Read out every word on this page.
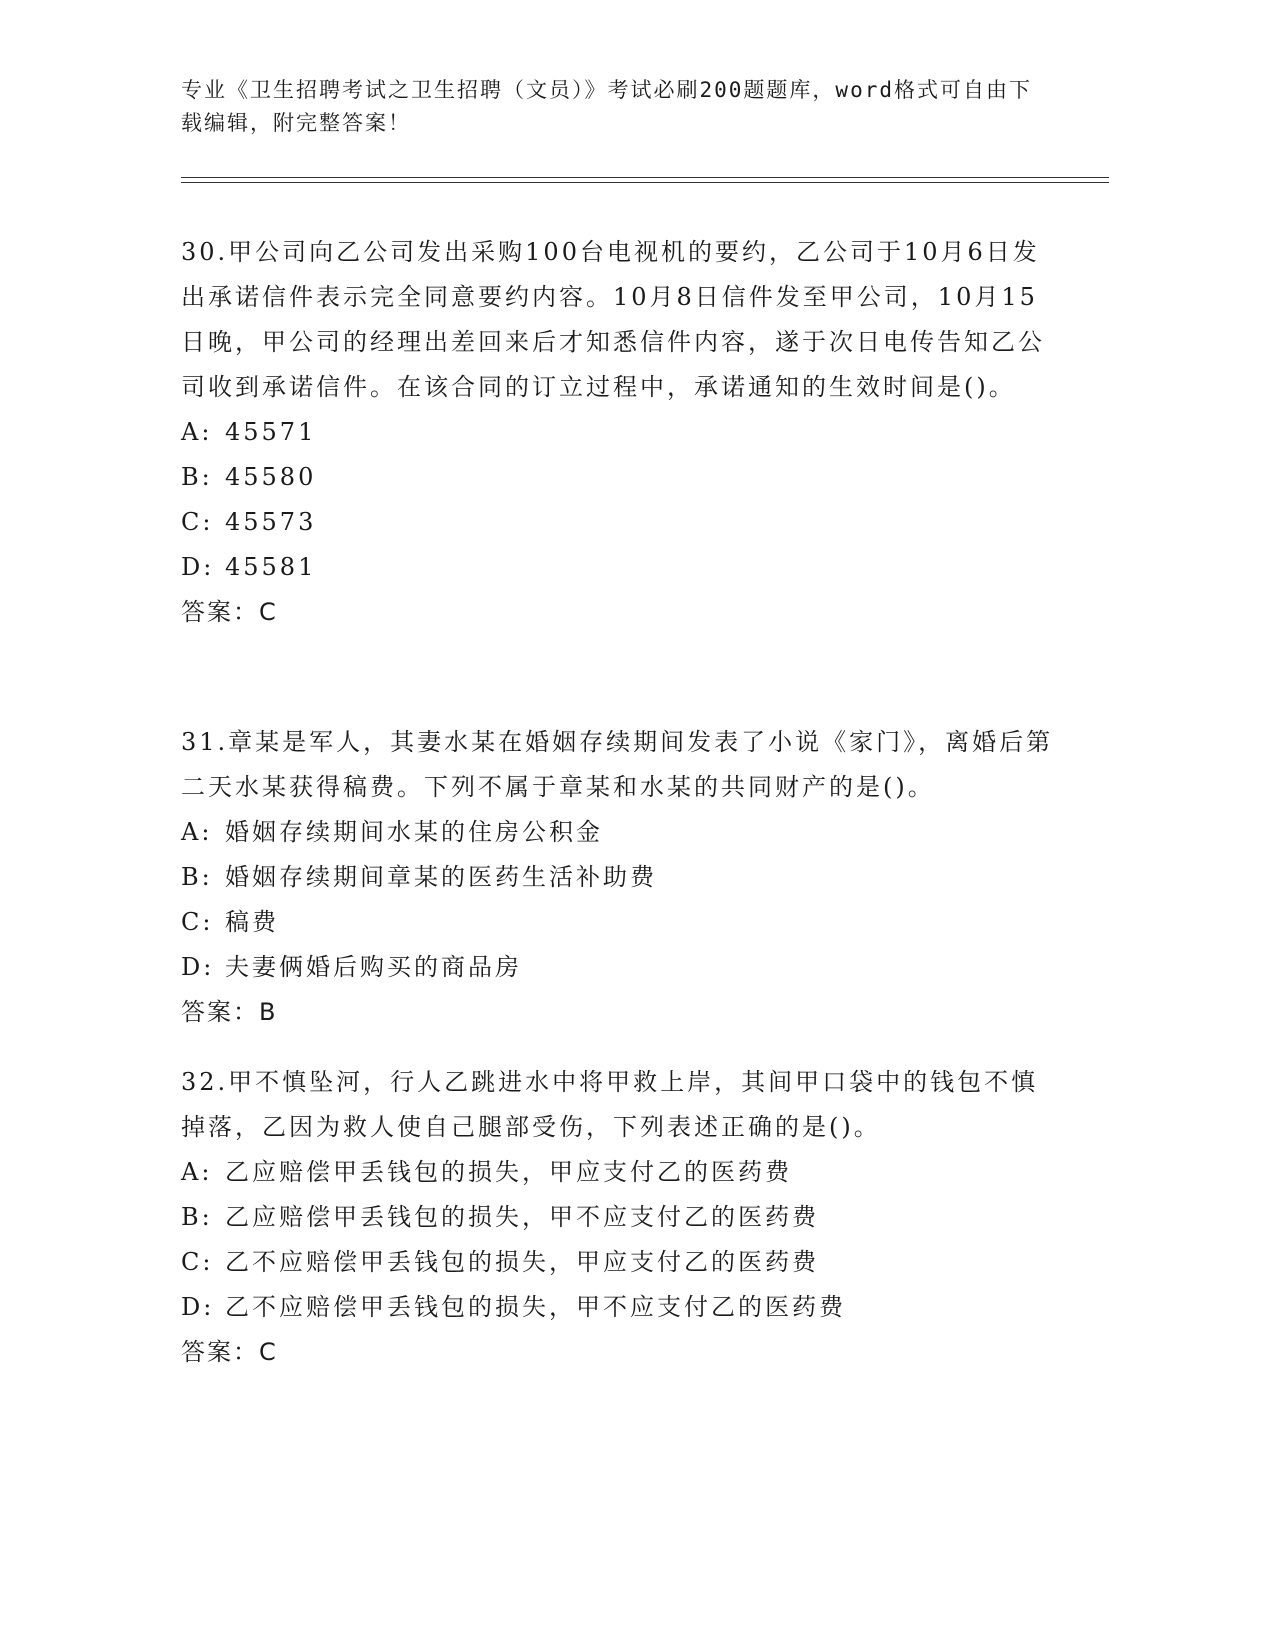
专业《卫生招聘考试之卫生招聘（文员）》考试必刷200题题库，word格式可自由下载编辑，附完整答案！

30.甲公司向乙公司发出采购100台电视机的要约，乙公司于10月6日发出承诺信件表示完全同意要约内容。10月8日信件发至甲公司，10月15日晚，甲公司的经理出差回来后才知悉信件内容，遂于次日电传告知乙公司收到承诺信件。在该合同的订立过程中，承诺通知的生效时间是()。

A: 45571

B: 45580

C: 45573

D: 45581

答案：C

31.章某是军人，其妻水某在婚姻存续期间发表了小说《家门》，离婚后第二天水某获得稿费。下列不属于章某和水某的共同财产的是()。

A: 婚姻存续期间水某的住房公积金

B: 婚姻存续期间章某的医药生活补助费

C: 稿费

D: 夫妻俩婚后购买的商品房

答案：B

32.甲不慎坠河，行人乙跳进水中将甲救上岸，其间甲口袋中的钱包不慎掉落，乙因为救人使自己腿部受伤，下列表述正确的是()。

A: 乙应赔偿甲丢钱包的损失，甲应支付乙的医药费

B: 乙应赔偿甲丢钱包的损失，甲不应支付乙的医药费

C: 乙不应赔偿甲丢钱包的损失，甲应支付乙的医药费

D: 乙不应赔偿甲丢钱包的损失，甲不应支付乙的医药费

答案：C
